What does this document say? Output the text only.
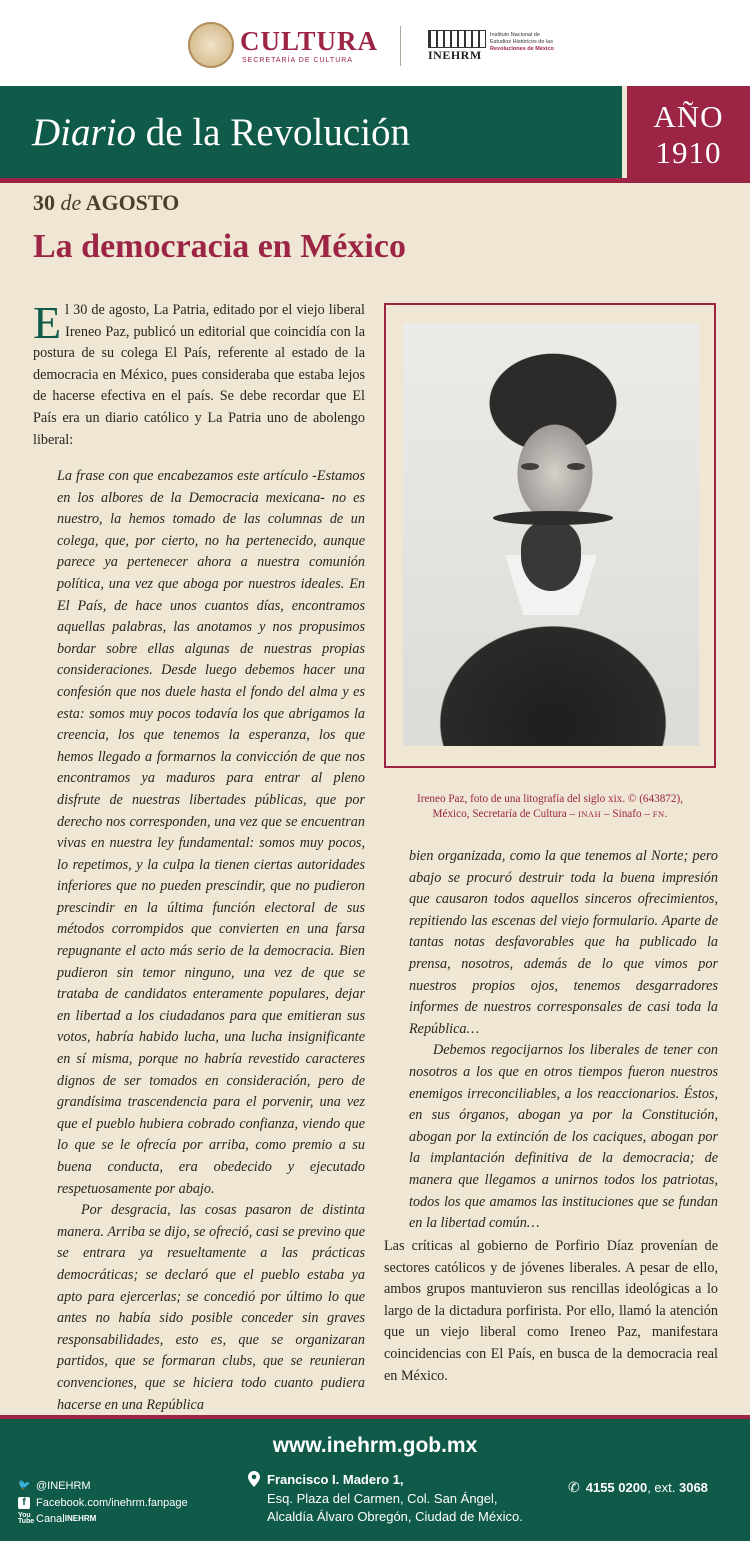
CULTURA
SECRETARÍA DE CULTURA	INEHRM
Instituto Nacional de
Estudios Históricos de las
Revoluciones de México
Diario de la Revolución	AÑO
1910
30 de AGOSTO
La democracia en México
El 30 de agosto, La Patria, editado por el viejo liberal Ireneo Paz, publicó un editorial que coincidía con la postura de su colega El País, referente al estado de la democracia en México, pues consideraba que estaba lejos de hacerse efectiva en el país. Se debe recordar que El País era un diario católico y La Patria uno de abolengo liberal:

La frase con que encabezamos este artículo -Estamos en los albores de la Democracia mexicana- no es nuestro, la hemos tomado de las columnas de un colega, que, por cierto, no ha pertenecido, aunque parece ya pertenecer ahora a nuestra comunión política, una vez que aboga por nuestros ideales. En El País, de hace unos cuantos días, encontramos aquellas palabras, las anotamos y nos propusimos bordar sobre ellas algunas de nuestras propias consideraciones. Desde luego debemos hacer una confesión que nos duele hasta el fondo del alma y es esta: somos muy pocos todavía los que abrigamos la creencia, los que tenemos la esperanza, los que hemos llegado a formarnos la convicción de que nos encontramos ya maduros para entrar al pleno disfrute de nuestras libertades públicas, que por derecho nos corresponden, una vez que se encuentran vivas en nuestra ley fundamental: somos muy pocos, lo repetimos, y la culpa la tienen ciertas autoridades inferiores que no pueden prescindir, que no pudieron prescindir en la última función electoral de sus métodos corrompidos que convierten en una farsa repugnante el acto más serio de la democracia. Bien pudieron sin temor ninguno, una vez de que se trataba de candidatos enteramente populares, dejar en libertad a los ciudadanos para que emitieran sus votos, habría habido lucha, una lucha insignificante en sí misma, porque no habría revestido caracteres dignos de ser tomados en consideración, pero de grandísima trascendencia para el porvenir, una vez que el pueblo hubiera cobrado confianza, viendo que lo que se le ofrecía por arriba, como premio a su buena conducta, era obedecido y ejecutado respetuosamente por abajo.

Por desgracia, las cosas pasaron de distinta manera. Arriba se dijo, se ofreció, casi se previno que se entrara ya resueltamente a las prácticas democráticas; se declaró que el pueblo estaba ya apto para ejercerlas; se concedió por último lo que antes no había sido posible conceder sin graves responsabilidades, esto es, que se organizaran partidos, que se formaran clubs, que se reunieran convenciones, que se hiciera todo cuanto pudiera hacerse en una República

Ireneo Paz, foto de una litografía del siglo xix. © (643872),
México, Secretaría de Cultura – INAH – Sinafo – FN.

bien organizada, como la que tenemos al Norte; pero abajo se procuró destruir toda la buena impresión que causaron todos aquellos sinceros ofrecimientos, repitiendo las escenas del viejo formulario. Aparte de tantas notas desfavorables que ha publicado la prensa, nosotros, además de lo que vimos por nuestros propios ojos, tenemos desgarradores informes de nuestros corresponsales de casi toda la República…

Debemos regocijarnos los liberales de tener con nosotros a los que en otros tiempos fueron nuestros enemigos irreconciliables, a los reaccionarios. Éstos, en sus órganos, abogan ya por la Constitución, abogan por la extinción de los caciques, abogan por la implantación definitiva de la democracia; de manera que llegamos a unirnos todos los patriotas, todos los que amamos las instituciones que se fundan en la libertad común…

Las críticas al gobierno de Porfirio Díaz provenían de sectores católicos y de jóvenes liberales. A pesar de ello, ambos grupos mantuvieron sus rencillas ideológicas a lo largo de la dictadura porfirista. Por ello, llamó la atención que un viejo liberal como Ireneo Paz, manifestara coincidencias con El País, en busca de la democracia real en México.
www.inehrm.gob.mx
🐦 @INEHRM
f Facebook.com/inehrm.fanpage
You
Tube Canal INEHRM
Francisco I. Madero 1,
Esq. Plaza del Carmen, Col. San Ángel,
Alcaldía Álvaro Obregón, Ciudad de México.
✆ 4155 0200, ext. 3068
